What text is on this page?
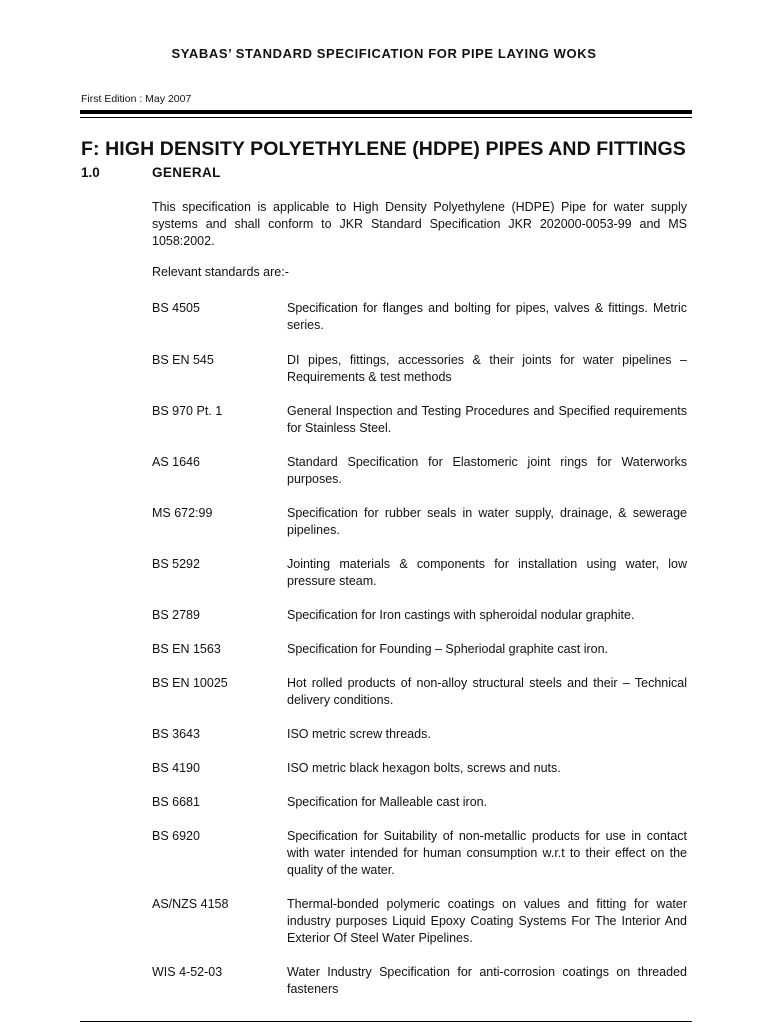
SYABAS’ STANDARD SPECIFICATION FOR PIPE LAYING WOKS
First Edition : May 2007
F: HIGH DENSITY POLYETHYLENE (HDPE) PIPES AND FITTINGS
1.0	GENERAL
This specification is applicable to High Density Polyethylene (HDPE) Pipe for water supply systems and shall conform to JKR Standard Specification JKR 202000-0053-99 and MS 1058:2002.
Relevant standards are:-
BS 4505	Specification for flanges and bolting for pipes, valves & fittings. Metric series.
BS EN 545	DI pipes, fittings, accessories & their joints for water pipelines – Requirements & test methods
BS 970 Pt. 1	General Inspection and Testing Procedures and Specified requirements for Stainless Steel.
AS 1646	Standard Specification for Elastomeric joint rings for Waterworks purposes.
MS 672:99	Specification for rubber seals in water supply, drainage, & sewerage pipelines.
BS 5292	Jointing materials & components for installation using water, low pressure steam.
BS 2789	Specification for Iron castings with spheroidal nodular graphite.
BS EN 1563	Specification for Founding – Spheriodal graphite cast iron.
BS EN 10025	Hot rolled products of non-alloy structural steels and their – Technical delivery conditions.
BS 3643	ISO metric screw threads.
BS 4190	ISO metric black hexagon bolts, screws and nuts.
BS 6681	Specification for Malleable cast iron.
BS 6920	Specification for Suitability of non-metallic products for use in contact with water intended for human consumption w.r.t to their effect on the quality of the water.
AS/NZS 4158	Thermal-bonded polymeric coatings on values and fitting for water industry purposes Liquid Epoxy Coating Systems For The Interior And Exterior Of Steel Water Pipelines.
WIS 4-52-03	Water Industry Specification for anti-corrosion coatings on threaded fasteners
